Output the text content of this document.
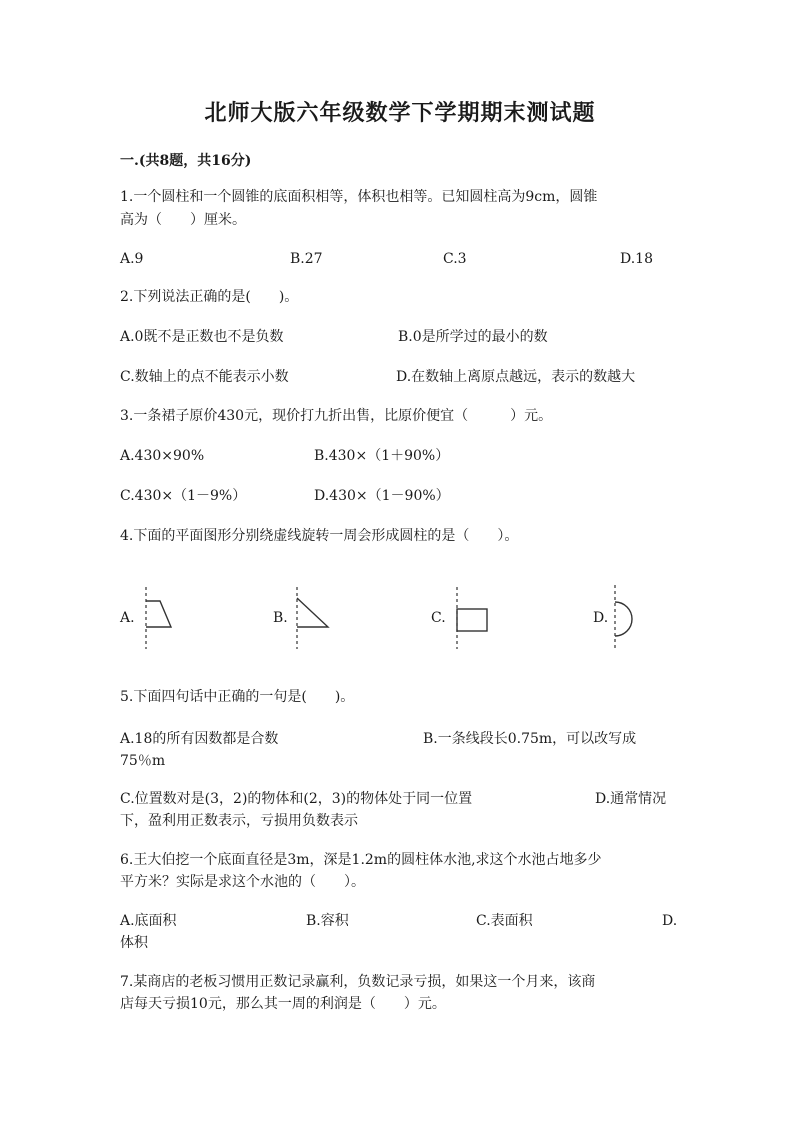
北师大版六年级数学下学期期末测试题
一.(共8题，共16分)
1.一个圆柱和一个圆锥的底面积相等，体积也相等。已知圆柱高为9cm，圆锥
高为（　　）厘米。
A.9	B.27	C.3	D.18
2.下列说法正确的是(　　)。
A.0既不是正数也不是负数	B.0是所学过的最小的数
C.数轴上的点不能表示小数	D.在数轴上离原点越远，表示的数越大
3.一条裙子原价430元，现价打九折出售，比原价便宜（　　　）元。
A.430×90%	B.430×（1＋90%）
C.430×（1－9%）	D.430×（1－90%）
4.下面的平面图形分别绕虚线旋转一周会形成圆柱的是（　　）。
A.	B.	C.	D.
5.下面四句话中正确的一句是(　　)。
A.18的所有因数都是合数	B.一条线段长0.75m，可以改写成
75％m
C.位置数对是(3，2)的物体和(2，3)的物体处于同一位置	D.通常情况
下，盈利用正数表示，亏损用负数表示
6.王大伯挖一个底面直径是3m，深是1.2m的圆柱体水池,求这个水池占地多少
平方米？实际是求这个水池的（　　）。
A.底面积	B.容积	C.表面积	D.
体积
7.某商店的老板习惯用正数记录赢利，负数记录亏损，如果这一个月来，该商
店每天亏损10元，那么其一周的利润是（　　）元。
